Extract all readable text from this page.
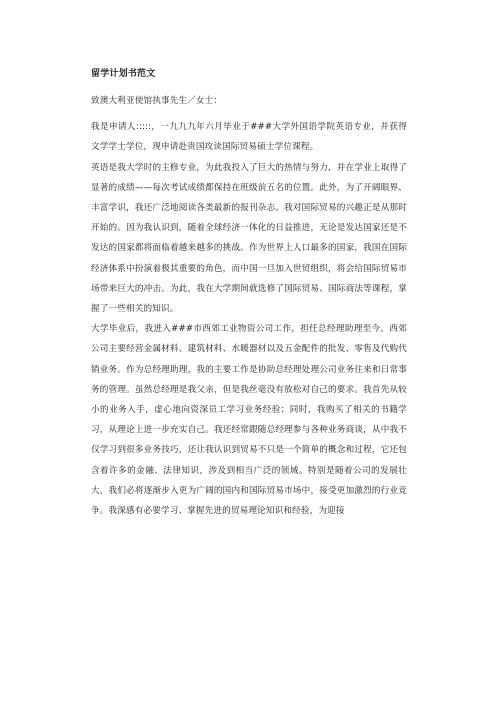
留学计划书范文

致澳大利亚使馆执事先生／女士：

我是申请人:::::，一九九九年六月毕业于###大学外国语学院英语专业，并获得文学学士学位，现申请赴贵国攻读国际贸易硕士学位课程。

英语是我大学时的主修专业，为此我投入了巨大的热情与努力，并在学业上取得了显著的成绩——每次考试成绩都保持在班级前五名的位置。此外，为了开阔眼界、丰富学识，我还广泛地阅读各类最新的报刊杂志。我对国际贸易的兴趣正是从那时开始的。因为我认识到，随着全球经济一体化的日益推进，无论是发达国家还是不发达的国家都将面临着越来越多的挑战。作为世界上人口最多的国家，我国在国际经济体系中扮演着极其重要的角色，而中国一旦加入世贸组织，将会给国际贸易市场带来巨大的冲击。为此，我在大学期间就选修了国际贸易、国际商法等课程，掌握了一些相关的知识。

大学毕业后，我进入###市西郊工业物资公司工作，担任总经理助理至今。西郊公司主要经营金属材料、建筑材料、水暖器材以及五金配件的批发、零售及代购代销业务。作为总经理助理，我的主要工作是协助总经理处理公司业务往来和日常事务的管理。虽然总经理是我父亲，但是我丝毫没有放松对自己的要求。我首先从较小的业务入手，虚心地向资深员工学习业务经验；同时，我购买了相关的书籍学习，从理论上进一步充实自己。我还经常跟随总经理参与各种业务商谈，从中我不仅学习到很多业务技巧，还让我认识到贸易不只是一个简单的概念和过程，它还包含着许多的金融、法律知识，涉及到相当广泛的领域。特别是随着公司的发展壮大，我们必将逐渐步入更为广阔的国内和国际贸易市场中，接受更加激烈的行业竞争。我深感有必要学习、掌握先进的贸易理论知识和经验，为迎接
